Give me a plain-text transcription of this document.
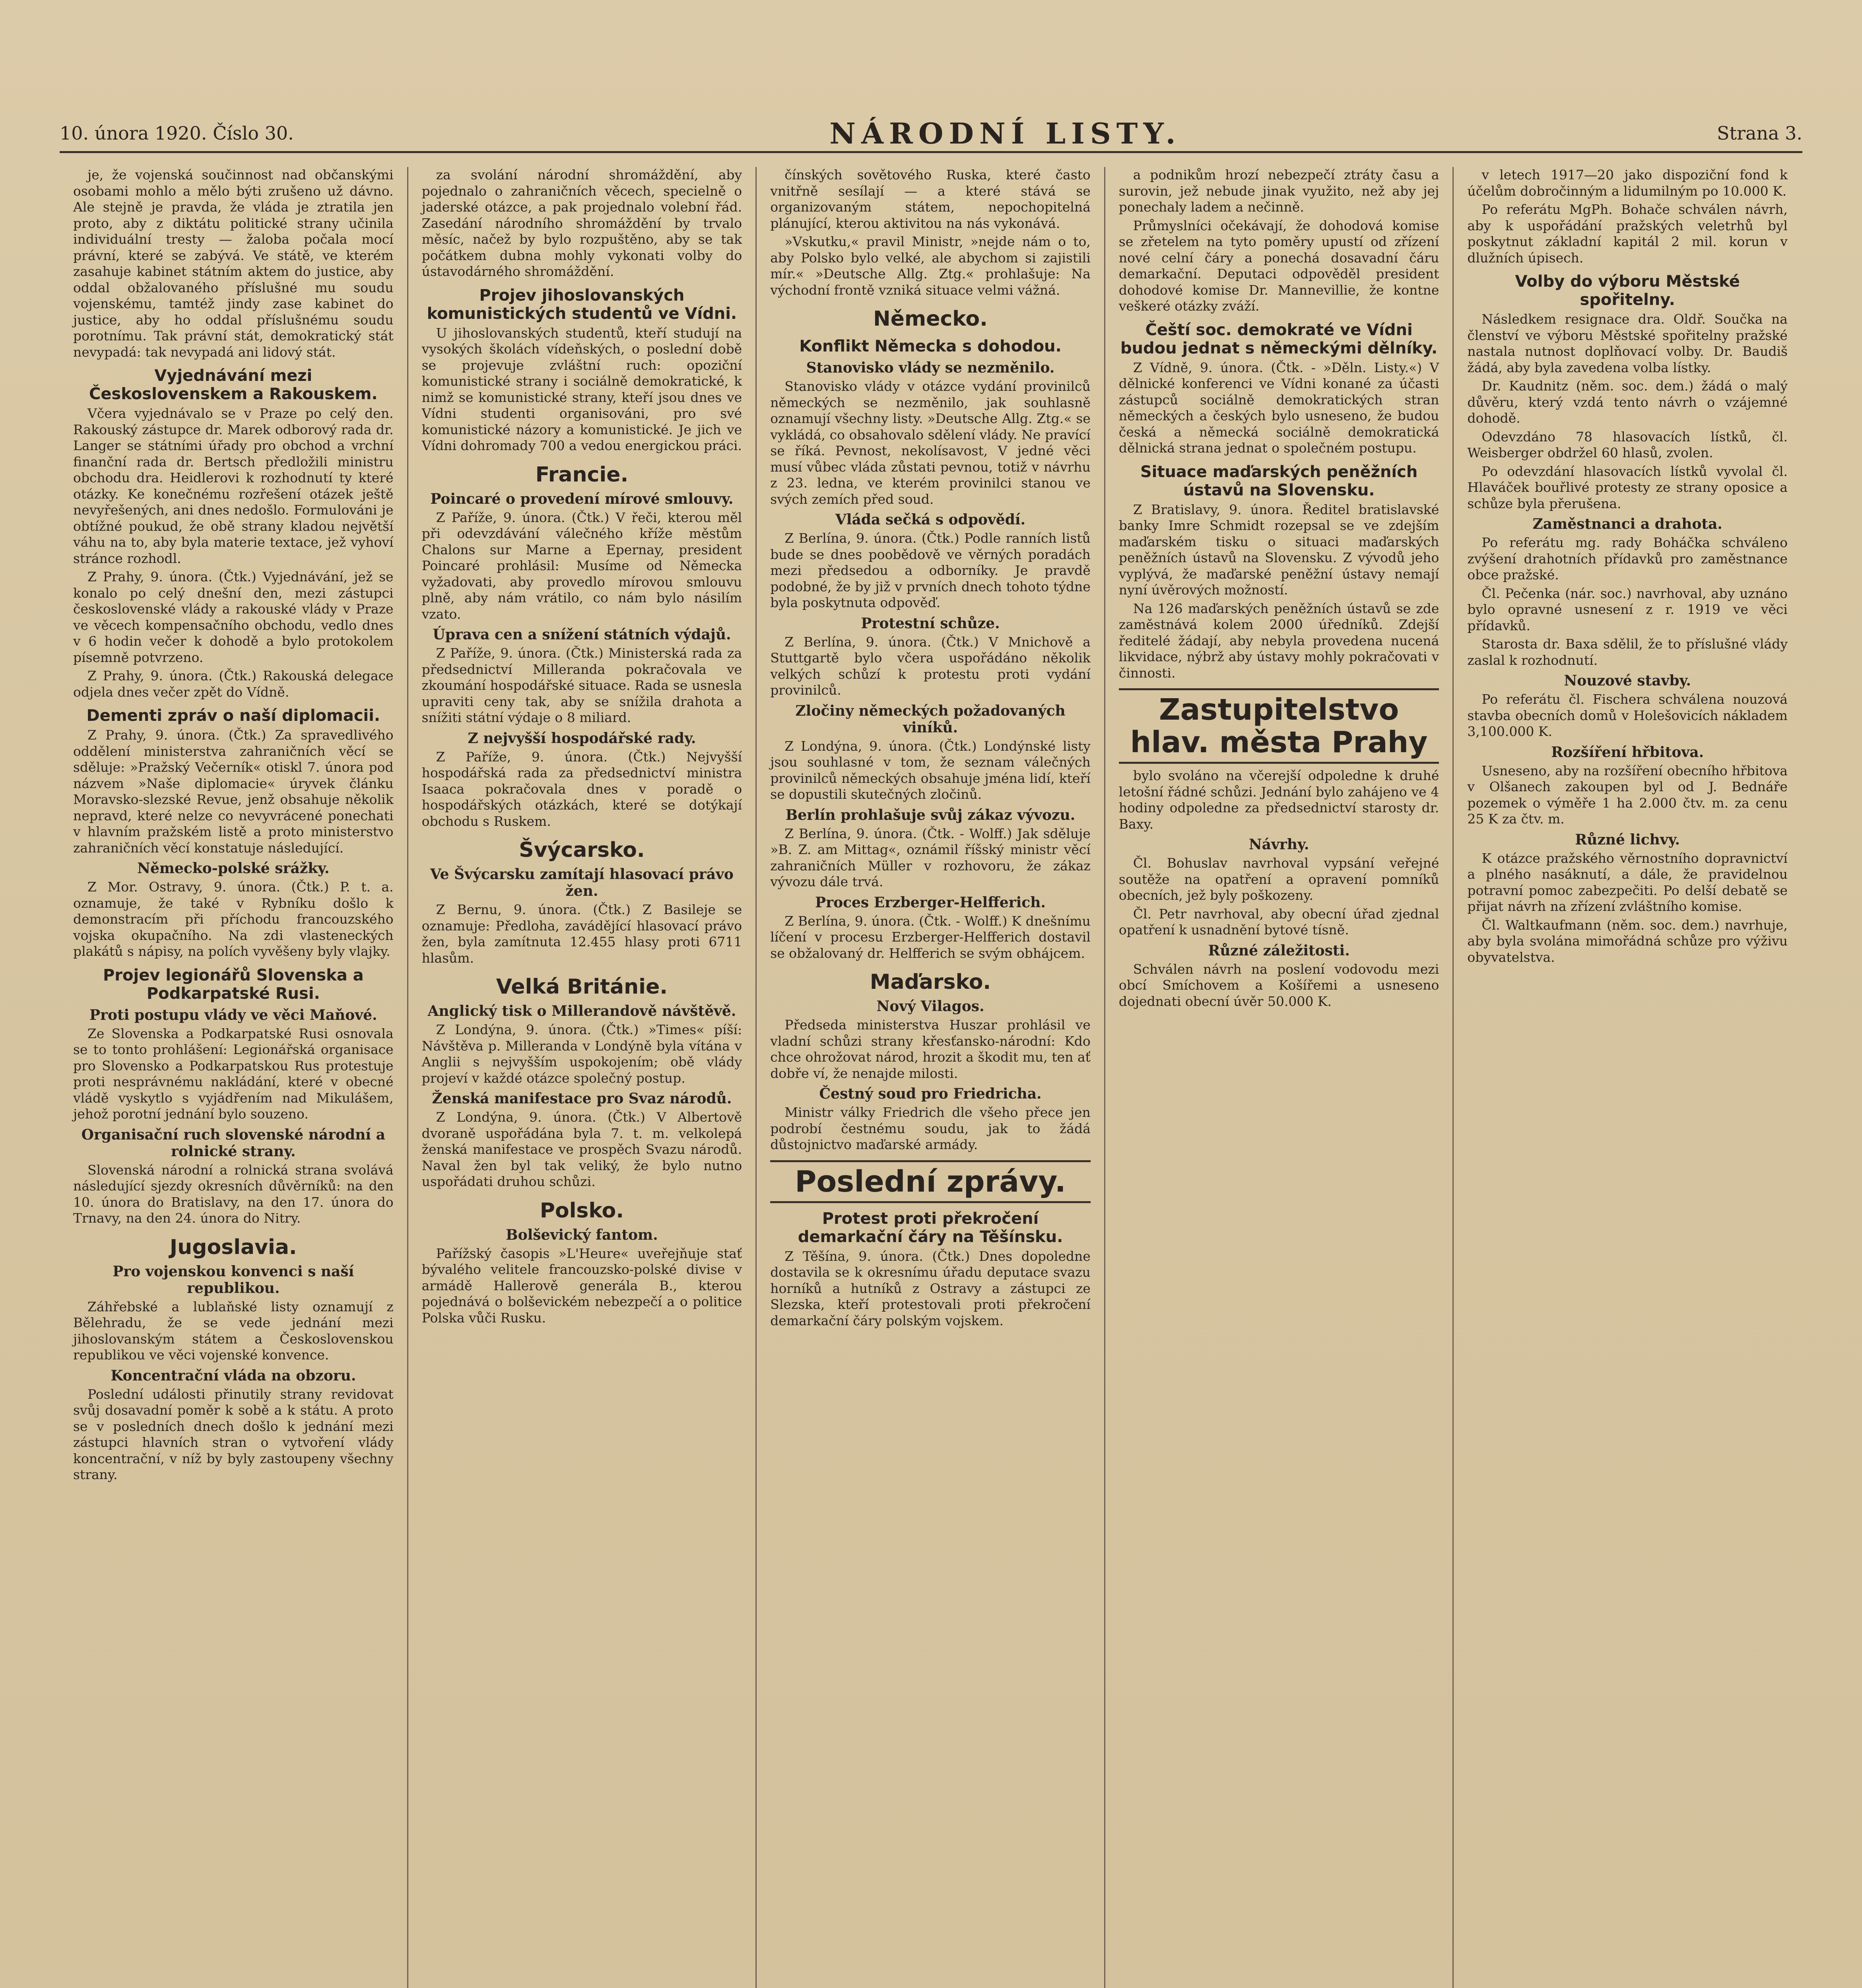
10. února 1920. Číslo 30.	NÁRODNÍ LISTY.	Strana 3.

je, že vojenská součinnost nad občanskými osobami mohlo a mělo býti zrušeno už dávno. Ale stejně je pravda, že vláda je ztratila jen proto, aby z diktátu politické strany učinila individuální tresty — žaloba počala mocí právní, které se zabývá. Ve státě, ve kterém zasahuje kabinet státním aktem do justice, aby oddal obžalovaného příslušné mu soudu vojenskému, tamtéž jindy zase kabinet do justice, aby ho oddal příslušnému soudu porotnímu. Tak právní stát, demokratický stát nevypadá: tak nevypadá ani lidový stát.

Vyjednávání mezi Československem a Rakouskem.

Včera vyjednávalo se v Praze po celý den. Rakouský zástupce dr. Marek odborový rada dr. Langer se státními úřady pro obchod a vrchní finanční rada dr. Bertsch předložili ministru obchodu dra. Heidlerovi k rozhodnutí ty které otázky. Ke konečnému rozřešení otázek ještě nevyřešených, ani dnes nedošlo. Formulováni je obtížné poukud, že obě strany kladou největší váhu na to, aby byla materie textace, jež vyhoví stránce rozhodl.

Z Prahy, 9. února. (Čtk.) Vyjednávání, jež se konalo po celý dnešní den, mezi zástupci československé vlády a rakouské vlády v Praze ve věcech kompensačního obchodu, vedlo dnes v 6 hodin večer k dohodě a bylo protokolem písemně potvrzeno.

Z Prahy, 9. února. (Čtk.) Rakouská delegace odjela dnes večer zpět do Vídně.

Dementi zpráv o naší diplomacii.

Z Prahy, 9. února. (Čtk.) Za spravedlivého oddělení ministerstva zahraničních věcí se sděluje: »Pražský Večerník« otiskl 7. února pod názvem »Naše diplomacie« úryvek článku Moravsko-slezské Revue, jenž obsahuje několik nepravd, které nelze co nevyvrácené ponechati v hlavním pražském listě a proto ministerstvo zahraničních věcí konstatuje následující.

Německo-polské srážky.

Z Mor. Ostravy, 9. února. (Čtk.) P. t. a. oznamuje, že také v Rybníku došlo k demonstracím při příchodu francouzského vojska okupačního. Na zdi vlasteneckých plakátů s nápisy, na polích vyvěšeny byly vlajky.

Projev legionářů Slovenska a Podkarpatské Rusi.
Proti postupu vlády ve věci Maňové.

Ze Slovenska a Podkarpatské Rusi osnovala se to tonto prohlášení: Legionářská organisace pro Slovensko a Podkarpatskou Rus protestuje proti nesprávnému nakládání, které v obecné vládě vyskytlo s vyjádřením nad Mikulášem, jehož porotní jednání bylo souzeno.

Organisační ruch slovenské národní a rolnické strany.

Slovenská národní a rolnická strana svolává následující sjezdy okresních důvěrníků: na den 10. února do Bratislavy, na den 17. února do Trnavy, na den 24. února do Nitry.

Jugoslavia.
Pro vojenskou konvenci s naší republikou.

Záhřebské a lublaňské listy oznamují z Bělehradu, že se vede jednání mezi jihoslovanským státem a Československou republikou ve věci vojenské konvence.

Koncentrační vláda na obzoru.

Poslední události přinutily strany revidovat svůj dosavadní poměr k sobě a k státu. A proto se v posledních dnech došlo k jednání mezi zástupci hlavních stran o vytvoření vlády koncentrační, v níž by byly zastoupeny všechny strany.

za svolání národní shromáždění, aby pojednalo o zahraničních věcech, specielně o jaderské otázce, a pak projednalo volební řád. Zasedání národního shromáždění by trvalo měsíc, načež by bylo rozpuštěno, aby se tak počátkem dubna mohly vykonati volby do ústavodárného shromáždění.

Projev jihoslovanských komunistických studentů ve Vídni.

U jihoslovanských studentů, kteří studují na vysokých školách vídeňských, o poslední době se projevuje zvláštní ruch: opoziční komunistické strany i sociálně demokratické, k nimž se komunistické strany, kteří jsou dnes ve Vídni studenti organisováni, pro své komunistické názory a komunistické. Je jich ve Vídni dohromady 700 a vedou energickou práci.

Francie.
Poincaré o provedení mírové smlouvy.

Z Paříže, 9. února. (Čtk.) V řeči, kterou měl při odevzdávání válečného kříže městům Chalons sur Marne a Epernay, president Poincaré prohlásil: Musíme od Německa vyžadovati, aby provedlo mírovou smlouvu plně, aby nám vrátilo, co nám bylo násilím vzato.

Úprava cen a snížení státních výdajů.

Z Paříže, 9. února. (Čtk.) Ministerská rada za předsednictví Milleranda pokračovala ve zkoumání hospodářské situace. Rada se usnesla upraviti ceny tak, aby se snížila drahota a snížiti státní výdaje o 8 miliard.

Z nejvyšší hospodářské rady.

Z Paříže, 9. února. (Čtk.) Nejvyšší hospodářská rada za předsednictví ministra Isaaca pokračovala dnes v poradě o hospodářských otázkách, které se dotýkají obchodu s Ruskem.

Švýcarsko.
Ve Švýcarsku zamítají hlasovací právo žen.

Z Bernu, 9. února. (Čtk.) Z Basileje se oznamuje: Předloha, zavádějící hlasovací právo žen, byla zamítnuta 12.455 hlasy proti 6711 hlasům.

Velká Británie.
Anglický tisk o Millerandově návštěvě.

Z Londýna, 9. února. (Čtk.) »Times« píší: Návštěva p. Milleranda v Londýně byla vítána v Anglii s nejvyšším uspokojením; obě vlády projeví v každé otázce společný postup.

Ženská manifestace pro Svaz národů.

Z Londýna, 9. února. (Čtk.) V Albertově dvoraně uspořádána byla 7. t. m. velkolepá ženská manifestace ve prospěch Svazu národů. Naval žen byl tak veliký, že bylo nutno uspořádati druhou schůzi.

Polsko.
Bolševický fantom.

Pařížský časopis »L'Heure« uveřejňuje stať bývalého velitele francouzsko-polské divise v armádě Hallerově generála B., kterou pojednává o bolševickém nebezpečí a o politice Polska vůči Rusku.

čínských sovětového Ruska, které často vnitřně sesílají — a které stává se organizovaným státem, nepochopitelná plánující, kterou aktivitou na nás vykonává.

»Vskutku,« pravil Ministr, »nejde nám o to, aby Polsko bylo velké, ale abychom si zajistili mír.« »Deutsche Allg. Ztg.« prohlašuje: Na východní frontě vzniká situace velmi vážná.

Německo.
Konflikt Německa s dohodou.
Stanovisko vlády se nezměnilo.

Stanovisko vlády v otázce vydání provinilců německých se nezměnilo, jak souhlasně oznamují všechny listy. »Deutsche Allg. Ztg.« se vykládá, co obsahovalo sdělení vlády. Ne pravící se říká. Pevnost, nekolísavost, V jedné věci musí vůbec vláda zůstati pevnou, totiž v návrhu z 23. ledna, ve kterém provinilci stanou ve svých zemích před soud.

Vláda sečká s odpovědí.

Z Berlína, 9. února. (Čtk.) Podle ranních listů bude se dnes poobědově ve věrných poradách mezi předsedou a odborníky. Je pravdě podobné, že by již v prvních dnech tohoto týdne byla poskytnuta odpověď.

Protestní schůze.

Z Berlína, 9. února. (Čtk.) V Mnichově a Stuttgartě bylo včera uspořádáno několik velkých schůzí k protestu proti vydání provinilců.

Zločiny německých požadovaných viníků.

Z Londýna, 9. února. (Čtk.) Londýnské listy jsou souhlasné v tom, že seznam válečných provinilců německých obsahuje jména lidí, kteří se dopustili skutečných zločinů.

Berlín prohlašuje svůj zákaz vývozu.

Z Berlína, 9. února. (Čtk. - Wolff.) Jak sděluje »B. Z. am Mittag«, oznámil říšský ministr věcí zahraničních Müller v rozhovoru, že zákaz vývozu dále trvá.

Proces Erzberger-Helfferich.

Z Berlína, 9. února. (Čtk. - Wolff.) K dnešnímu líčení v procesu Erzberger-Helfferich dostavil se obžalovaný dr. Helfferich se svým obhájcem.

Maďarsko.
Nový Vilagos.

Předseda ministerstva Huszar prohlásil ve vladní schůzi strany křesťansko-národní: Kdo chce ohrožovat národ, hrozit a škodit mu, ten ať dobře ví, že nenajde milosti.

Čestný soud pro Friedricha.

Ministr války Friedrich dle všeho přece jen podrobí čestnému soudu, jak to žádá důstojnictvo maďarské armády.

Poslední zprávy.
Protest proti překročení demarkační čáry na Těšínsku.

Z Těšína, 9. února. (Čtk.) Dnes dopoledne dostavila se k okresnímu úřadu deputace svazu horníků a hutníků z Ostravy a zástupci ze Slezska, kteří protestovali proti překročení demarkační čáry polským vojskem.

a podnikům hrozí nebezpečí ztráty času a surovin, jež nebude jinak využito, než aby jej ponechaly ladem a nečinně.

Průmyslníci očekávají, že dohodová komise se zřetelem na tyto poměry upustí od zřízení nové celní čáry a ponechá dosavadní čáru demarkační. Deputaci odpověděl president dohodové komise Dr. Mannevillie, že kontne veškeré otázky zváží.

Čeští soc. demokraté ve Vídni budou jednat s německými dělníky.

Z Vídně, 9. února. (Čtk. - »Děln. Listy.«) V dělnické konferenci ve Vídni konané za účasti zástupců sociálně demokratických stran německých a českých bylo usneseno, že budou česká a německá sociálně demokratická dělnická strana jednat o společném postupu.

Situace maďarských peněžních ústavů na Slovensku.

Z Bratislavy, 9. února. Ředitel bratislavské banky Imre Schmidt rozepsal se ve zdejším maďarském tisku o situaci maďarských peněžních ústavů na Slovensku. Z vývodů jeho vyplývá, že maďarské peněžní ústavy nemají nyní úvěrových možností.

Na 126 maďarských peněžních ústavů se zde zaměstnává kolem 2000 úředníků. Zdejší ředitelé žádají, aby nebyla provedena nucená likvidace, nýbrž aby ústavy mohly pokračovati v činnosti.

Zastupitelstvo hlav. města Prahy

bylo svoláno na včerejší odpoledne k druhé letošní řádné schůzi. Jednání bylo zahájeno ve 4 hodiny odpoledne za předsednictví starosty dr. Baxy.

Návrhy.

Čl. Bohuslav navrhoval vypsání veřejné soutěže na opatření a opravení pomníků obecních, jež byly poškozeny.

Čl. Petr navrhoval, aby obecní úřad zjednal opatření k usnadnění bytové tísně.

Různé záležitosti.

Schválen návrh na poslení vodovodu mezi obcí Smíchovem a Košířemi a usneseno dojednati obecní úvěr 50.000 K.

v letech 1917—20 jako dispoziční fond k účelům dobročinným a lidumilným po 10.000 K.

Po referátu MgPh. Bohače schválen návrh, aby k uspořádání pražských veletrhů byl poskytnut základní kapitál 2 mil. korun v dlužních úpisech.

Volby do výboru Městské spořitelny.

Následkem resignace dra. Oldř. Součka na členství ve výboru Městské spořitelny pražské nastala nutnost doplňovací volby. Dr. Baudiš žádá, aby byla zavedena volba lístky.

Dr. Kaudnitz (něm. soc. dem.) žádá o malý důvěru, který vzdá tento návrh o vzájemné dohodě.

Odevzdáno 78 hlasovacích lístků, čl. Weisberger obdržel 60 hlasů, zvolen.

Po odevzdání hlasovacích lístků vyvolal čl. Hlaváček bouřlivé protesty ze strany oposice a schůze byla přerušena.

Zaměstnanci a drahota.

Po referátu mg. rady Boháčka schváleno zvýšení drahotních přídavků pro zaměstnance obce pražské.

Čl. Pečenka (nár. soc.) navrhoval, aby uznáno bylo opravné usnesení z r. 1919 ve věci přídavků.

Starosta dr. Baxa sdělil, že to příslušné vlády zaslal k rozhodnutí.

Nouzové stavby.

Po referátu čl. Fischera schválena nouzová stavba obecních domů v Holešovicích nákladem 3,100.000 K.

Rozšíření hřbitova.

Usneseno, aby na rozšíření obecního hřbitova v Olšanech zakoupen byl od J. Bednáře pozemek o výměře 1 ha 2.000 čtv. m. za cenu 25 K za čtv. m.

Různé lichvy.

K otázce pražského věrnostního dopravnictví a plného nasáknutí, a dále, že pravidelnou potravní pomoc zabezpečiti. Po delší debatě se přijat návrh na zřízení zvláštního komise.

Čl. Waltkaufmann (něm. soc. dem.) navrhuje, aby byla svolána mimořádná schůze pro výživu obyvatelstva.
